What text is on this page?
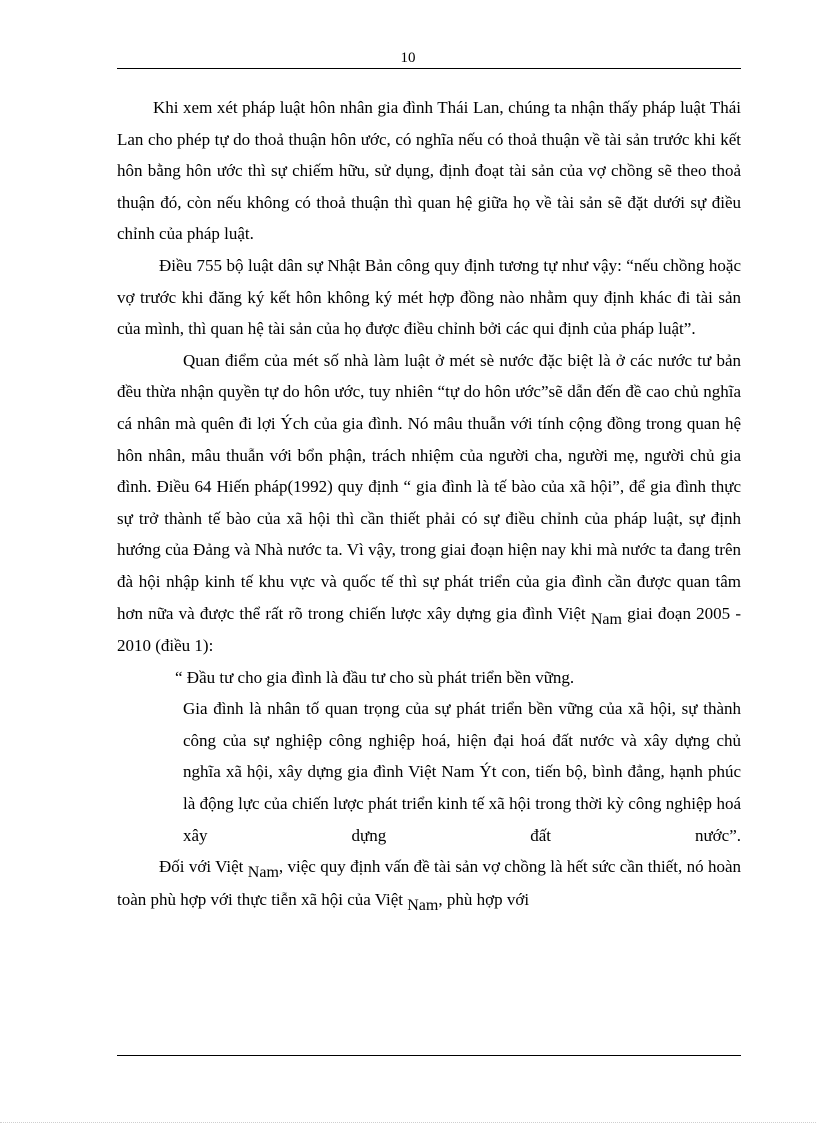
10

Khi xem xét pháp luật hôn nhân gia đình Thái Lan, chúng ta nhận thấy pháp luật Thái Lan cho phép tự do thoả thuận hôn ước, có nghĩa nếu có thoả thuận về tài sản trước khi kết hôn bằng hôn ước thì sự chiếm hữu, sử dụng, định đoạt tài sản của vợ chồng sẽ theo thoả thuận đó, còn nếu không có thoả thuận thì quan hệ giữa họ về tài sản sẽ đặt dưới sự điều chỉnh của pháp luật.

Điều 755 bộ luật dân sự Nhật Bản công quy định tương tự như vậy: “nếu chồng hoặc vợ trước khi đăng ký kết hôn không ký mét hợp đồng nào nhằm quy định khác đi tài sản của mình, thì quan hệ tài sản của họ được điều chỉnh bởi các qui định của pháp luật”.

Quan điểm của mét số nhà làm luật ở mét sè nước đặc biệt là ở các nước tư bản đều thừa nhận quyền tự do hôn ước, tuy nhiên “tự do hôn ước”sẽ dẫn đến đề cao chủ nghĩa cá nhân mà quên đi lợi Ých của gia đình. Nó mâu thuẫn với tính cộng đồng trong quan hệ hôn nhân, mâu thuẫn với bổn phận, trách nhiệm của người cha, người mẹ, người chủ gia đình. Điều 64 Hiến pháp(1992) quy định “ gia đình là tế bào của xã hội”, để gia đình thực sự trở thành tế bào của xã hội thì cần thiết phải có sự điều chỉnh của pháp luật, sự định hướng của Đảng và Nhà nước ta. Vì vậy, trong giai đoạn hiện nay khi mà nước ta đang trên đà hội nhập kinh tế khu vực và quốc tế thì sự phát triển của gia đình cần được quan tâm hơn nữa và được thể rất rõ trong chiến lược xây dựng gia đình Việt Nam giai đoạn 2005 - 2010 (điều 1):

“ Đầu tư cho gia đình là đầu tư cho sù phát triển bền vững.

Gia đình là nhân tố quan trọng của sự phát triển bền vững của xã hội, sự thành công của sự nghiệp công nghiệp hoá, hiện đại hoá đất nước và xây dựng chủ nghĩa xã hội, xây dựng gia đình Việt Nam Ýt con, tiến bộ, bình đẳng, hạnh phúc là động lực của chiến lược phát triển kinh tế xã hội trong thời kỳ công nghiệp hoá xây dựng đất nước”.

Đối với Việt Nam, việc quy định vấn đề tài sản vợ chồng là hết sức cần thiết, nó hoàn toàn phù hợp với thực tiễn xã hội của Việt Nam, phù hợp với
